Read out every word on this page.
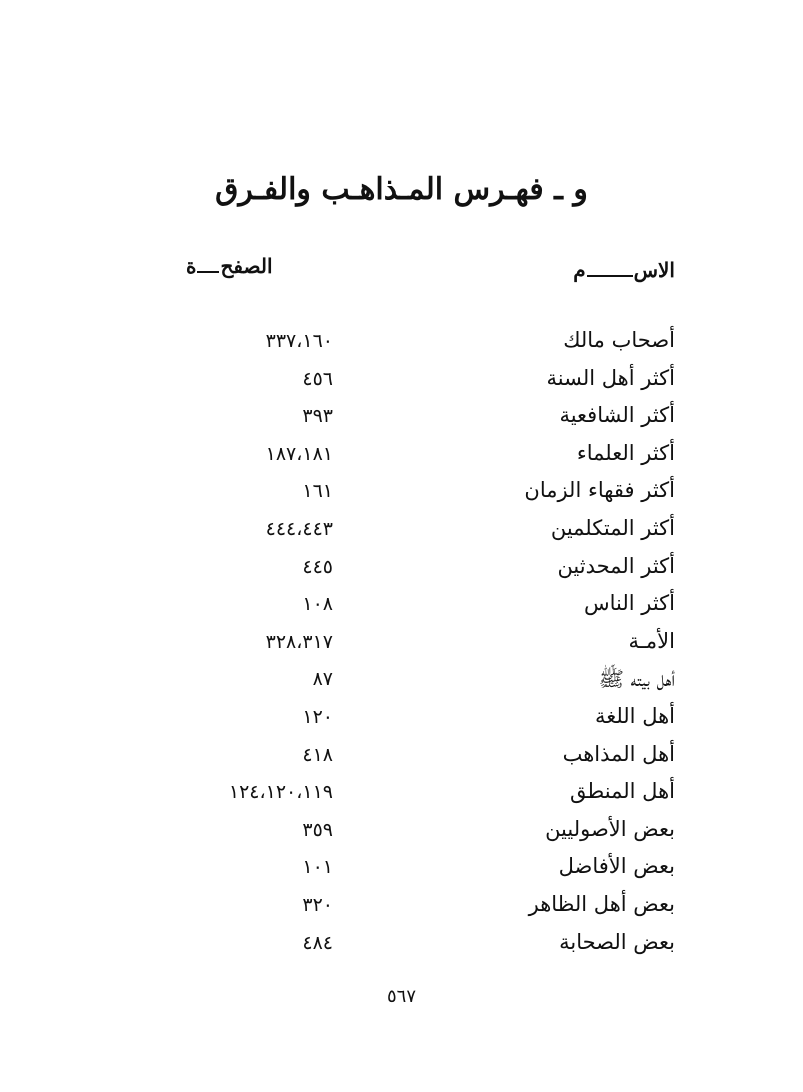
و ـ فهـرس المـذاهـب والفـرق
الاسم
الصفحة
أصحاب مالك
٣٣٧،١٦٠
أكثر أهل السنة
٤٥٦
أكثر الشافعية
٣٩٣
أكثر العلماء
١٨٧،١٨١
أكثر فقهاء الزمان
١٦١
أكثر المتكلمين
٤٤٤،٤٤٣
أكثر المحدثين
٤٤٥
أكثر الناس
١٠٨
الأمـة
٣٢٨،٣١٧
أهل بيته ﷺ
٨٧
أهل اللغة
١٢٠
أهل المذاهب
٤١٨
أهل المنطق
١٢٤،١٢٠،١١٩
بعض الأصوليين
٣٥٩
بعض الأفاضل
١٠١
بعض أهل الظاهر
٣٢٠
بعض الصحابة
٤٨٤
٥٦٧
